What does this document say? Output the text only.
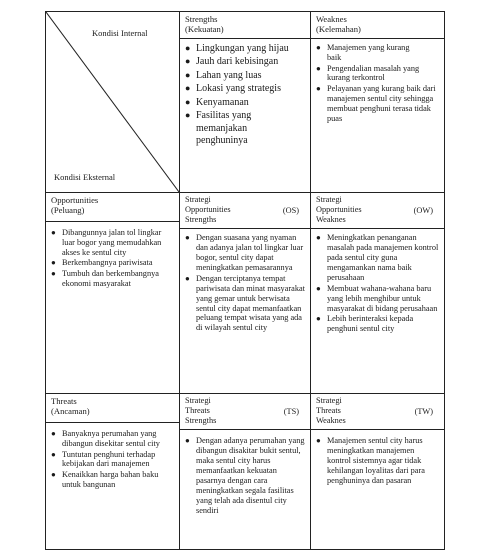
Kondisi Internal
Kondisi Eksternal
Strengths
(Kekuatan)
● Lingkungan yang hijau
● Jauh dari kebisingan
● Lahan yang luas
● Lokasi yang strategis
● Kenyamanan
● Fasilitas yang memanjakan penghuninya
Weaknes
(Kelemahan)
● Manajemen yang kurang baik
● Pengendalian masalah yang kurang terkontrol
● Pelayanan yang kurang baik dari manajemen sentul city sehingga membuat penghuni terasa tidak puas
Opportunities
(Peluang)
● Dibangunnya jalan tol lingkar luar bogor yang memudahkan akses ke sentul city
● Berkembangnya pariwisata
● Tumbuh dan berkembangnya ekonomi masyarakat
Strategi
Opportunities
Strengths
(OS)
● Dengan suasana yang nyaman dan adanya jalan tol lingkar luar bogor, sentul city dapat meningkatkan pemasarannya
● Dengan terciptanya tempat pariwisata dan minat masyarakat yang gemar untuk berwisata sentul city dapat memanfaatkan peluang tempat wisata yang ada di wilayah sentul city
Strategi
Opportunities
Weaknes
(OW)
● Meningkatkan penanganan masalah pada manajemen kontrol pada sentul city guna mengamankan nama baik perusahaan
● Membuat wahana-wahana baru yang lebih menghibur untuk masyarakat di bidang perusahaan
● Lebih berinteraksi kepada penghuni sentul city
Threats
(Ancaman)
● Banyaknya perumahan yang dibangun disekitar sentul city
● Tuntutan penghuni terhadap kebijakan dari manajemen
● Kenaikkan harga bahan baku untuk bangunan
Strategi
Threats
Strengths
(TS)
● Dengan adanya perumahan yang dibangun disakitar bukit sentul, maka sentul city harus memanfaatkan kekuatan pasarnya dengan cara meningkatkan segala fasilitas yang telah ada disentul city sendiri
Strategi
Threats
Weaknes
(TW)
● Manajemen sentul city harus meningkatkan manajemen kontrol sistemnya agar tidak kehilangan loyalitas dari para penghuninya dan pasaran
